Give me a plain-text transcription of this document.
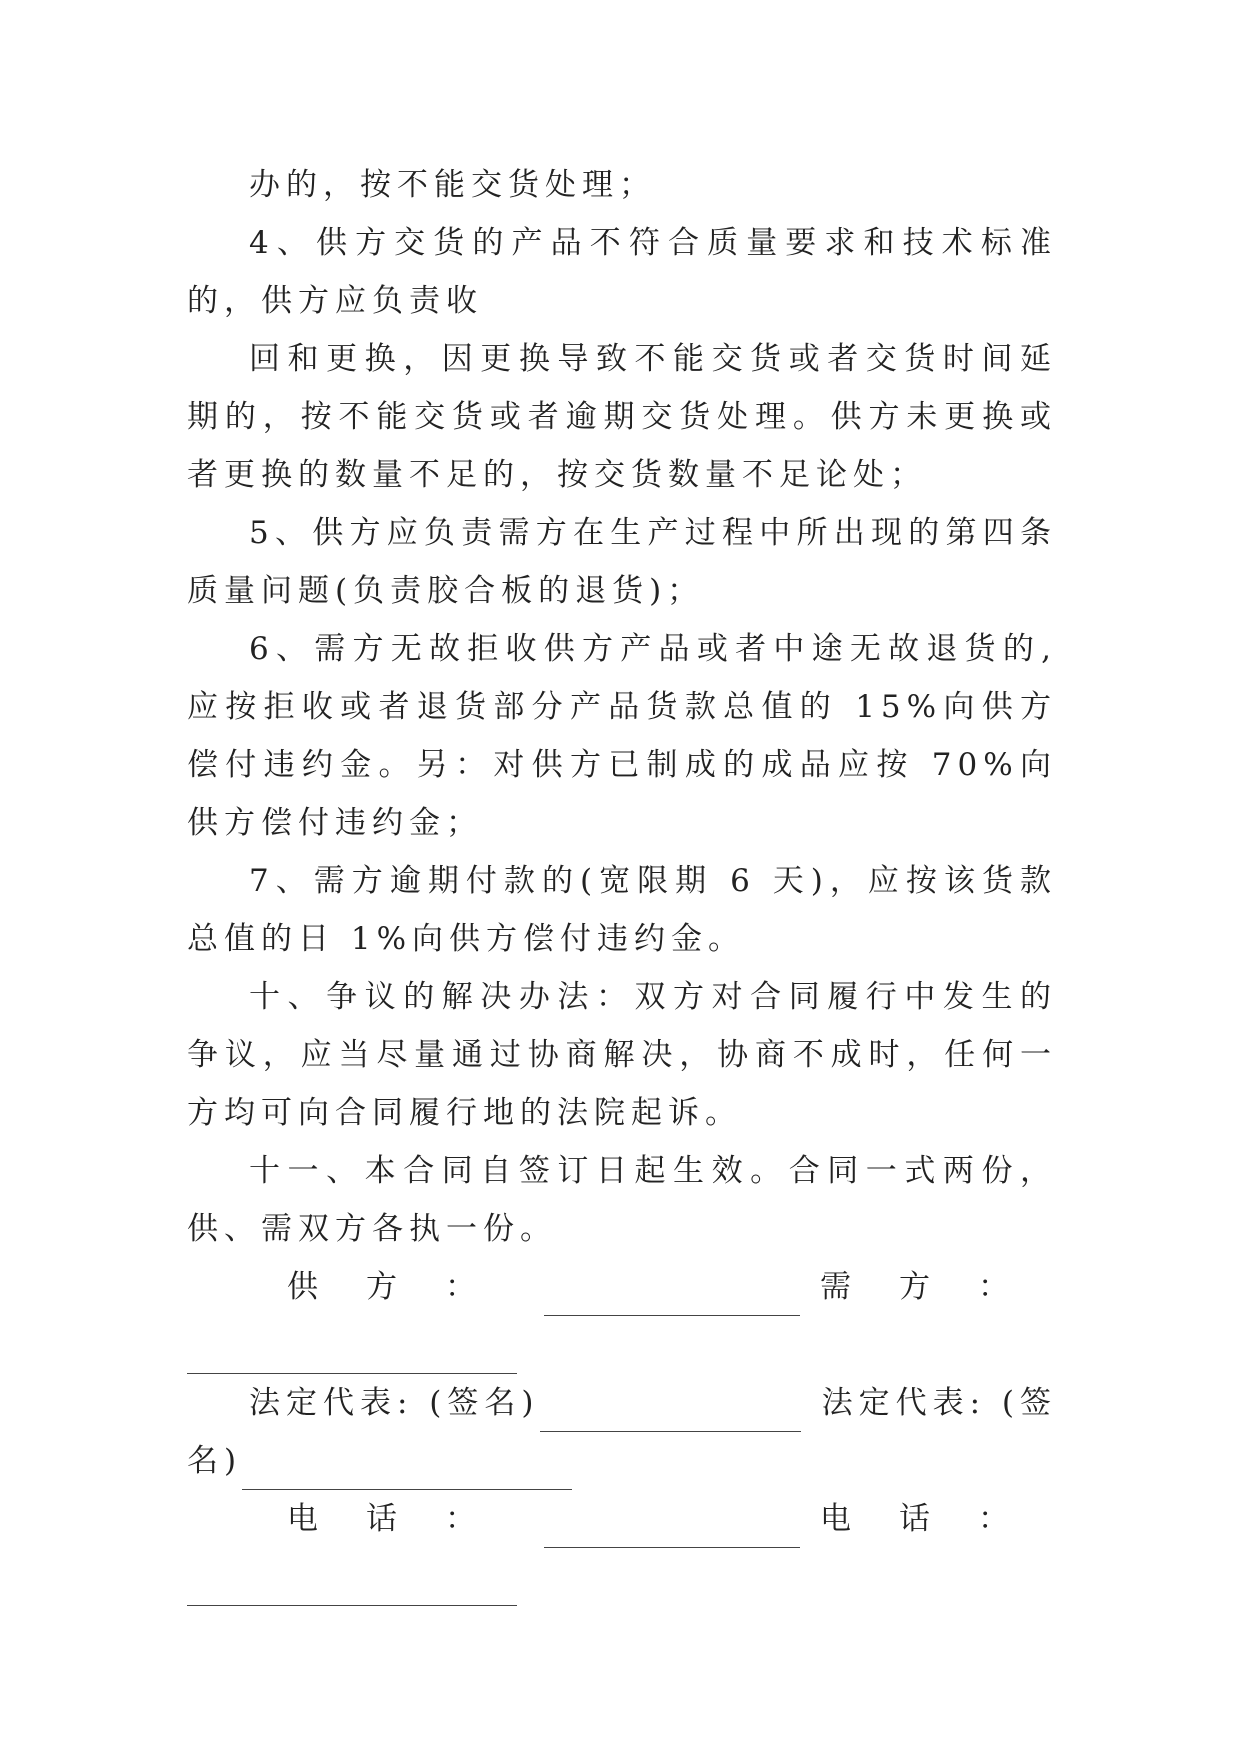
办的，按不能交货处理；

4、供方交货的产品不符合质量要求和技术标准的，供方应负责收

回和更换，因更换导致不能交货或者交货时间延期的，按不能交货或者逾期交货处理。供方未更换或者更换的数量不足的，按交货数量不足论处；

5、供方应负责需方在生产过程中所出现的第四条质量问题(负责胶合板的退货)；

6、需方无故拒收供方产品或者中途无故退货的,应按拒收或者退货部分产品货款总值的 15%向供方偿付违约金。另：对供方已制成的成品应按 70%向供方偿付违约金；

7、需方逾期付款的(宽限期 6 天)，应按该货款总值的日 1%向供方偿付违约金。

十、争议的解决办法：双方对合同履行中发生的争议，应当尽量通过协商解决，协商不成时，任何一方均可向合同履行地的法院起诉。

十一、本合同自签订日起生效。合同一式两份，供、需双方各执一份。

供方：	需方：
法定代表: (签名)	法定代表: (签
名)
电话：	电话：
